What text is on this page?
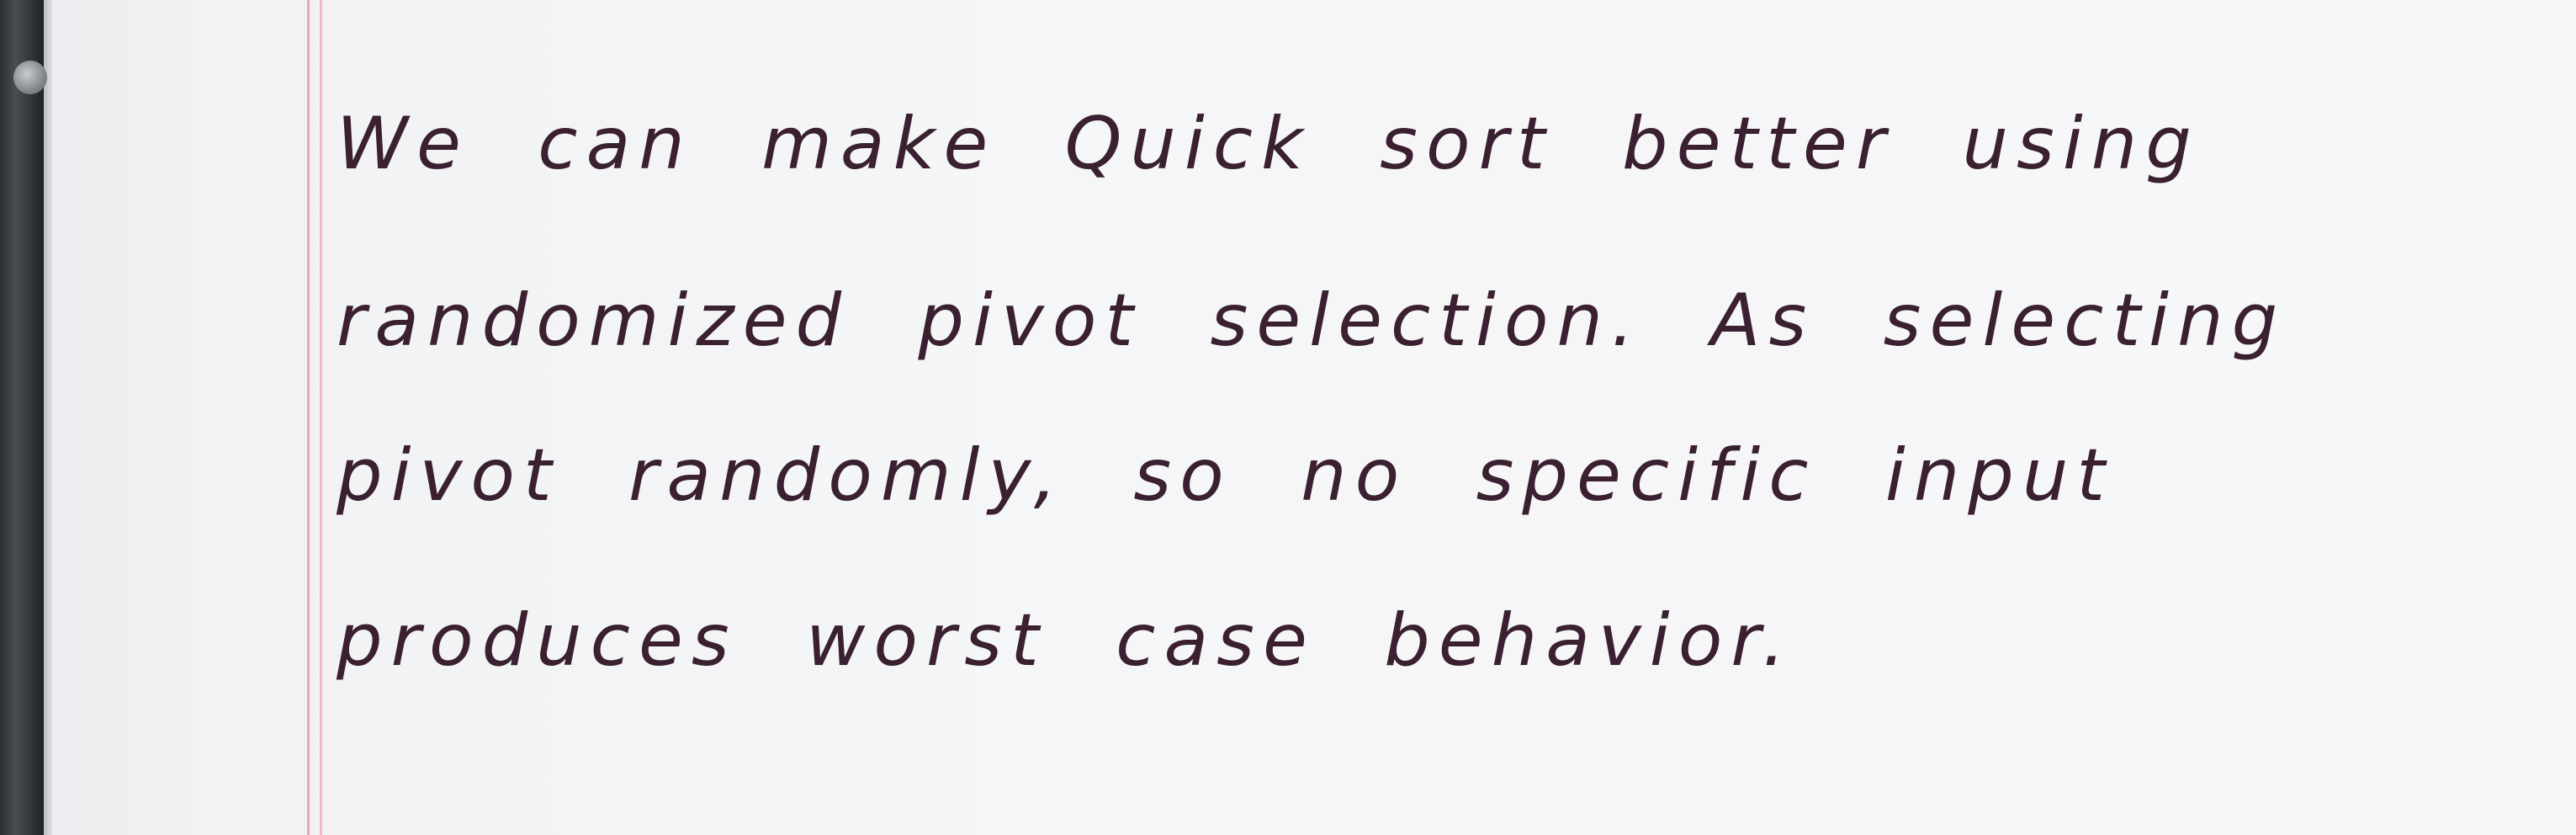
We can make Quick sort better using

randomized pivot selection. As selecting

pivot randomly, so no specific input

produces worst case behavior.
